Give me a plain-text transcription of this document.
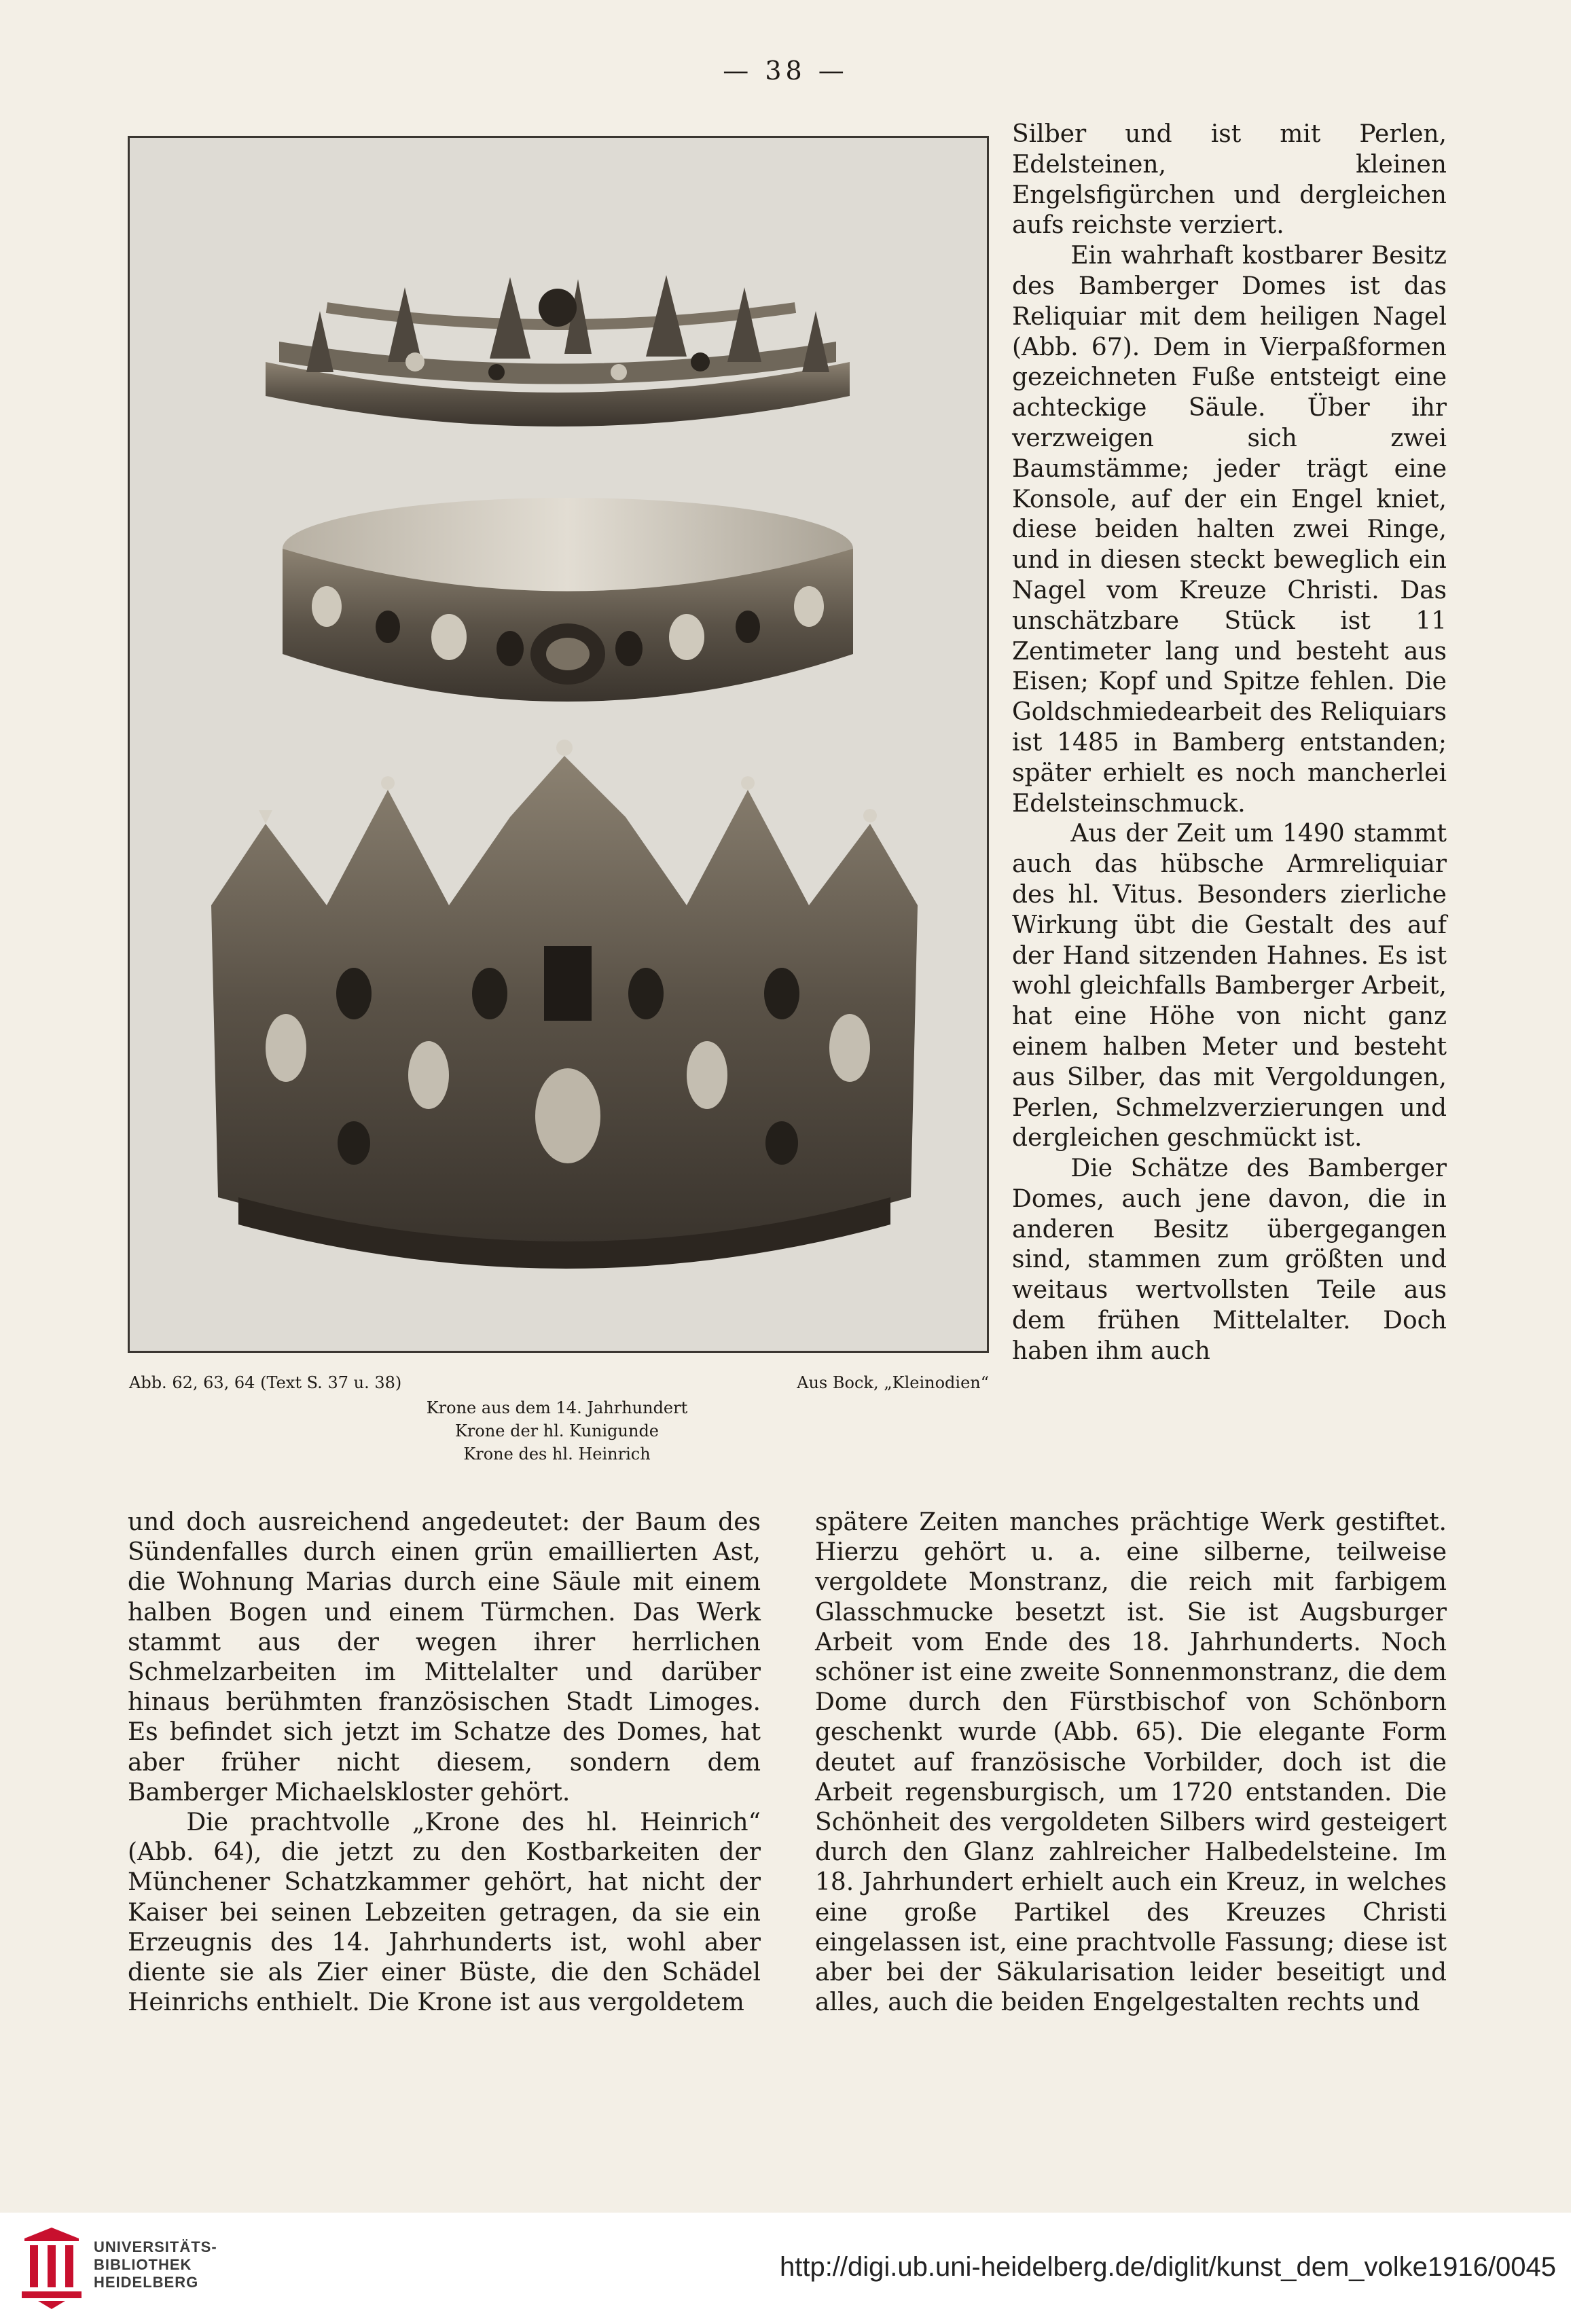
— 38 —
Abb. 62, 63, 64 (Text S. 37 u. 38)	Aus Bock, „Kleinodien“
Krone aus dem 14. Jahrhundert
Krone der hl. Kunigunde
Krone des hl. Heinrich

Silber und ist mit Perlen, Edelsteinen, kleinen Engelsfigürchen und dergleichen aufs reichste verziert.

Ein wahrhaft kostbarer Besitz des Bamberger Domes ist das Reliquiar mit dem heiligen Nagel (Abb. 67). Dem in Vierpaßformen gezeichneten Fuße entsteigt eine achteckige Säule. Über ihr verzweigen sich zwei Baumstämme; jeder trägt eine Konsole, auf der ein Engel kniet, diese beiden halten zwei Ringe, und in diesen steckt beweglich ein Nagel vom Kreuze Christi. Das unschätzbare Stück ist 11 Zentimeter lang und besteht aus Eisen; Kopf und Spitze fehlen. Die Goldschmiedearbeit des Reliquiars ist 1485 in Bamberg entstanden; später erhielt es noch mancherlei Edelsteinschmuck.

Aus der Zeit um 1490 stammt auch das hübsche Armreliquiar des hl. Vitus. Besonders zierliche Wirkung übt die Gestalt des auf der Hand sitzenden Hahnes. Es ist wohl gleichfalls Bamberger Arbeit, hat eine Höhe von nicht ganz einem halben Meter und besteht aus Silber, das mit Vergoldungen, Perlen, Schmelzverzierungen und dergleichen geschmückt ist.

Die Schätze des Bamberger Domes, auch jene davon, die in anderen Besitz übergegangen sind, stammen zum größten und weitaus wertvollsten Teile aus dem frühen Mittelalter. Doch haben ihm auch

und doch ausreichend angedeutet: der Baum des Sündenfalles durch einen grün emaillierten Ast, die Wohnung Marias durch eine Säule mit einem halben Bogen und einem Türmchen. Das Werk stammt aus der wegen ihrer herrlichen Schmelzarbeiten im Mittelalter und darüber hinaus berühmten französischen Stadt Limoges. Es befindet sich jetzt im Schatze des Domes, hat aber früher nicht diesem, sondern dem Bamberger Michaelskloster gehört.

Die prachtvolle „Krone des hl. Heinrich“ (Abb. 64), die jetzt zu den Kostbarkeiten der Münchener Schatzkammer gehört, hat nicht der Kaiser bei seinen Lebzeiten getragen, da sie ein Erzeugnis des 14. Jahrhunderts ist, wohl aber diente sie als Zier einer Büste, die den Schädel Heinrichs enthielt. Die Krone ist aus vergoldetem

spätere Zeiten manches prächtige Werk gestiftet. Hierzu gehört u. a. eine silberne, teilweise vergoldete Monstranz, die reich mit farbigem Glasschmucke besetzt ist. Sie ist Augsburger Arbeit vom Ende des 18. Jahrhunderts. Noch schöner ist eine zweite Sonnenmonstranz, die dem Dome durch den Fürstbischof von Schönborn geschenkt wurde (Abb. 65). Die elegante Form deutet auf französische Vorbilder, doch ist die Arbeit regensburgisch, um 1720 entstanden. Die Schönheit des vergoldeten Silbers wird gesteigert durch den Glanz zahlreicher Halbedelsteine. Im 18. Jahrhundert erhielt auch ein Kreuz, in welches eine große Partikel des Kreuzes Christi eingelassen ist, eine prachtvolle Fassung; diese ist aber bei der Säkularisation leider beseitigt und alles, auch die beiden Engelgestalten rechts und

UNIVERSITÄTS-
BIBLIOTHEK
HEIDELBERG
http://digi.ub.uni-heidelberg.de/diglit/kunst_dem_volke1916/0045
